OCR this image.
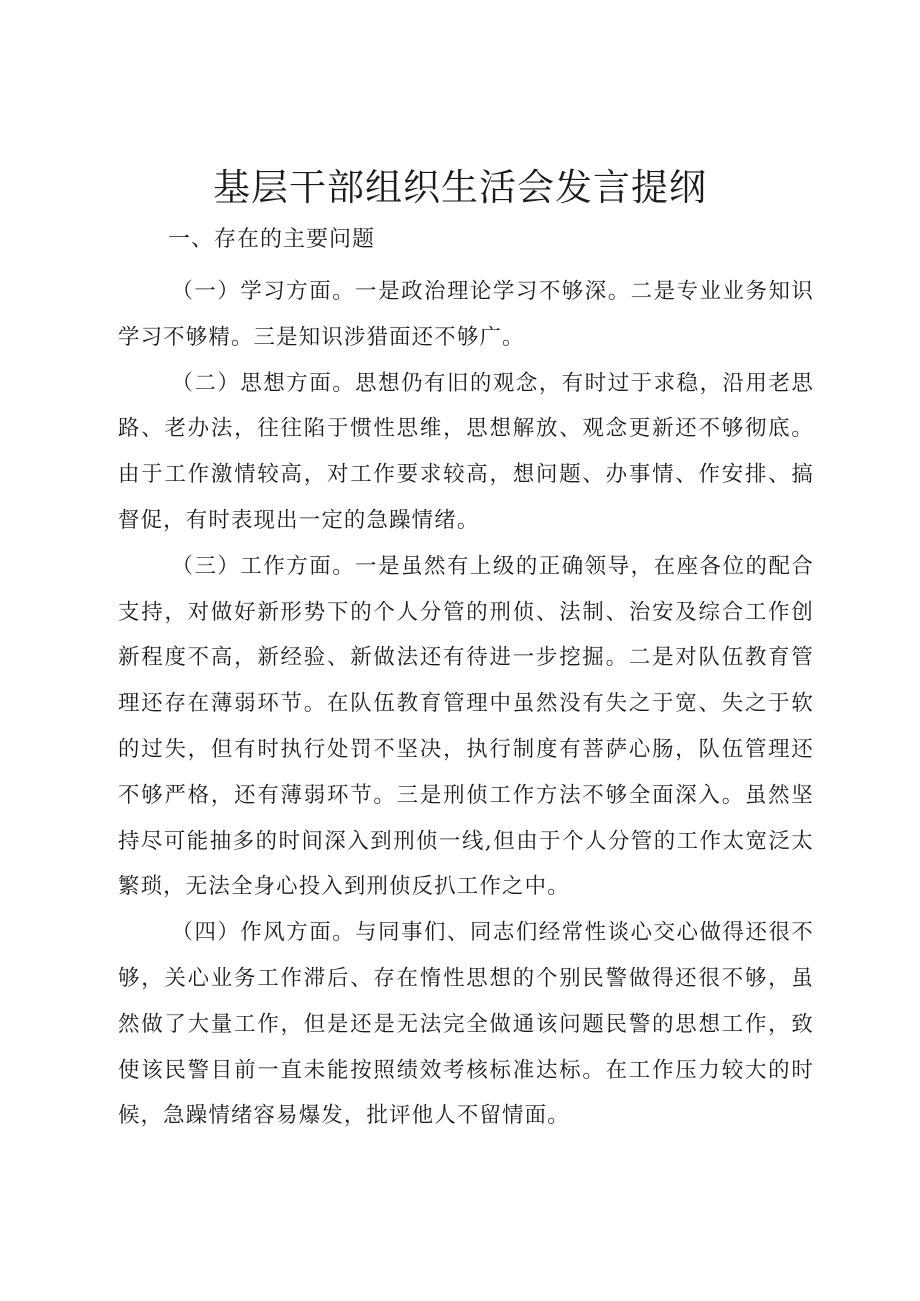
基层干部组织生活会发言提纲

一、存在的主要问题

（一）学习方面。一是政治理论学习不够深。二是专业业务知识学习不够精。三是知识涉猎面还不够广。

（二）思想方面。思想仍有旧的观念，有时过于求稳，沿用老思路、老办法，往往陷于惯性思维，思想解放、观念更新还不够彻底。由于工作激情较高，对工作要求较高，想问题、办事情、作安排、搞督促，有时表现出一定的急躁情绪。

（三）工作方面。一是虽然有上级的正确领导，在座各位的配合支持，对做好新形势下的个人分管的刑侦、法制、治安及综合工作创新程度不高，新经验、新做法还有待进一步挖掘。二是对队伍教育管理还存在薄弱环节。在队伍教育管理中虽然没有失之于宽、失之于软的过失，但有时执行处罚不坚决，执行制度有菩萨心肠，队伍管理还不够严格，还有薄弱环节。三是刑侦工作方法不够全面深入。虽然坚持尽可能抽多的时间深入到刑侦一线,但由于个人分管的工作太宽泛太繁琐，无法全身心投入到刑侦反扒工作之中。

（四）作风方面。与同事们、同志们经常性谈心交心做得还很不够，关心业务工作滞后、存在惰性思想的个别民警做得还很不够，虽然做了大量工作，但是还是无法完全做通该问题民警的思想工作，致使该民警目前一直未能按照绩效考核标准达标。在工作压力较大的时候，急躁情绪容易爆发，批评他人不留情面。
